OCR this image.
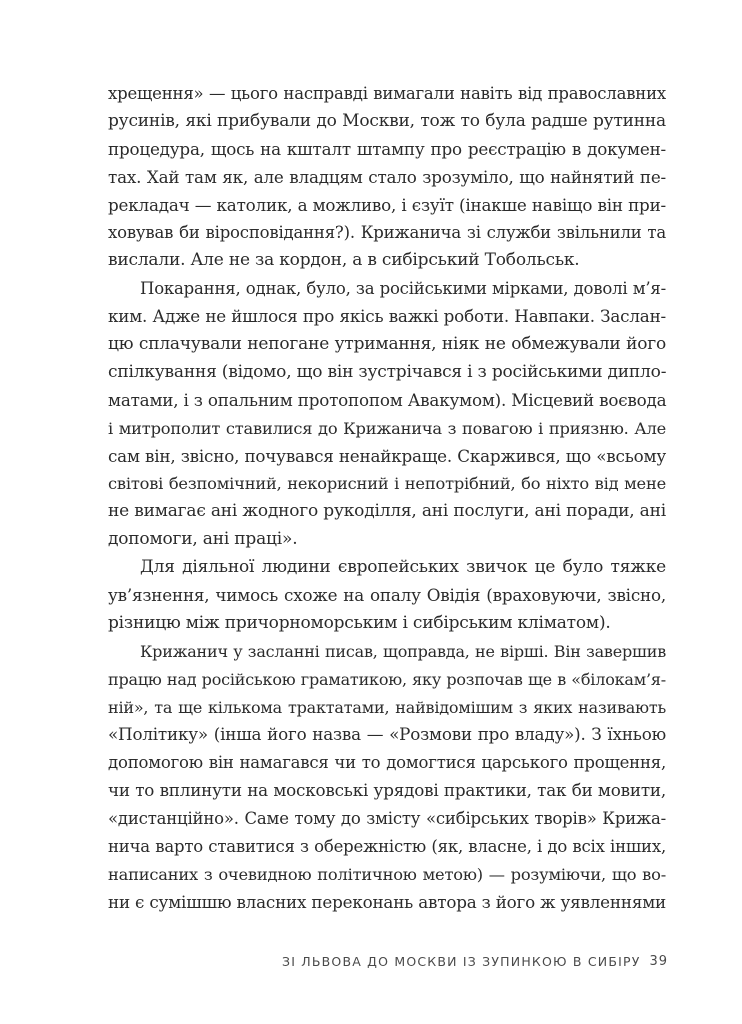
хрещення» — цього насправді вимагали навіть від православних
русинів, які прибували до Москви, тож то була радше рутинна
процедура, щось на кшталт штампу про реєстрацію в докумен-
тах. Хай там як, але владцям стало зрозуміло, що найнятий пе-
рекладач — католик, а можливо, і єзуїт (інакше навіщо він при-
ховував би віросповідання?). Крижанича зі служби звільнили та
вислали. Але не за кордон, а в сибірський Тобольськ.
Покарання, однак, було, за російськими мірками, доволі м’я-
ким. Адже не йшлося про якісь важкі роботи. Навпаки. Заслан-
цю сплачували непогане утримання, ніяк не обмежували його
спілкування (відомо, що він зустрічався і з російськими дипло-
матами, і з опальним протопопом Авакумом). Місцевий воєвода
і митрополит ставилися до Крижанича з повагою і приязню. Але
сам він, звісно, почувався ненайкраще. Скаржився, що «всьому
світові безпомічний, некорисний і непотрібний, бо ніхто від мене
не вимагає ані жодного рукоділля, ані послуги, ані поради, ані
допомоги, ані праці».
Для діяльної людини європейських звичок це було тяжке
ув’язнення, чимось схоже на опалу Овідія (враховуючи, звісно,
різницю між причорноморським і сибірським кліматом).
Крижанич у засланні писав, щоправда, не вірші. Він завершив
працю над російською граматикою, яку розпочав ще в «білокам’я-
ній», та ще кількома трактатами, найвідомішим з яких називають
«Політику» (інша його назва — «Розмови про владу»). З їхньою
допомогою він намагався чи то домогтися царського прощення,
чи то вплинути на московські урядові практики, так би мовити,
«дистанційно». Саме тому до змісту «сибірських творів» Крижа-
нича варто ставитися з обережністю (як, власне, і до всіх інших,
написаних з очевидною політичною метою) — розуміючи, що во-
ни є сумішшю власних переконань автора з його ж уявленнями
ЗІ ЛЬВОВА ДО МОСКВИ ІЗ ЗУПИНКОЮ В СИБІРУ 39
